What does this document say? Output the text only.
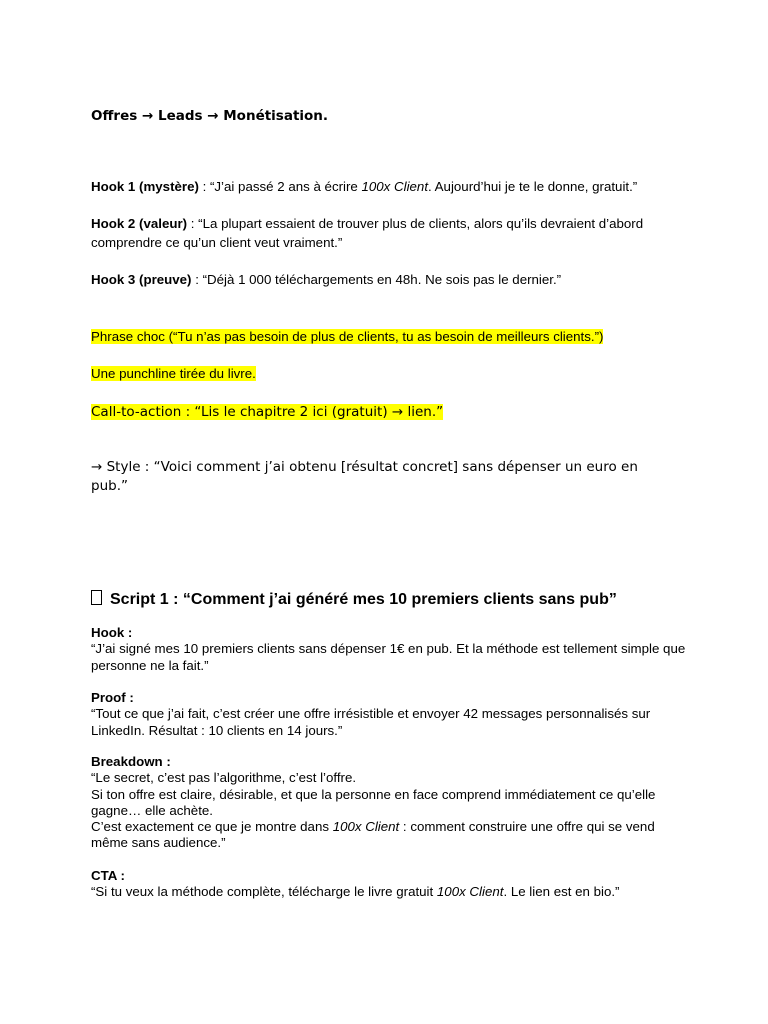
Offres → Leads → Monétisation.
Hook 1 (mystère) : “J’ai passé 2 ans à écrire 100x Client. Aujourd’hui je te le donne, gratuit.”
Hook 2 (valeur) : “La plupart essaient de trouver plus de clients, alors qu’ils devraient d’abord comprendre ce qu’un client veut vraiment.”
Hook 3 (preuve) : “Déjà 1 000 téléchargements en 48h. Ne sois pas le dernier.”
Phrase choc (“Tu n’as pas besoin de plus de clients, tu as besoin de meilleurs clients.”)
Une punchline tirée du livre.
Call-to-action : “Lis le chapitre 2 ici (gratuit) → lien.”
→ Style : “Voici comment j’ai obtenu [résultat concret] sans dépenser un euro en pub.”
Script 1 : “Comment j’ai généré mes 10 premiers clients sans pub”
Hook :
“J’ai signé mes 10 premiers clients sans dépenser 1€ en pub. Et la méthode est tellement simple que personne ne la fait.”
Proof :
“Tout ce que j’ai fait, c’est créer une offre irrésistible et envoyer 42 messages personnalisés sur LinkedIn. Résultat : 10 clients en 14 jours.”
Breakdown :
“Le secret, c’est pas l’algorithme, c’est l’offre.
Si ton offre est claire, désirable, et que la personne en face comprend immédiatement ce qu’elle gagne… elle achète.
C’est exactement ce que je montre dans 100x Client : comment construire une offre qui se vend même sans audience.”
CTA :
“Si tu veux la méthode complète, télécharge le livre gratuit 100x Client. Le lien est en bio.”
